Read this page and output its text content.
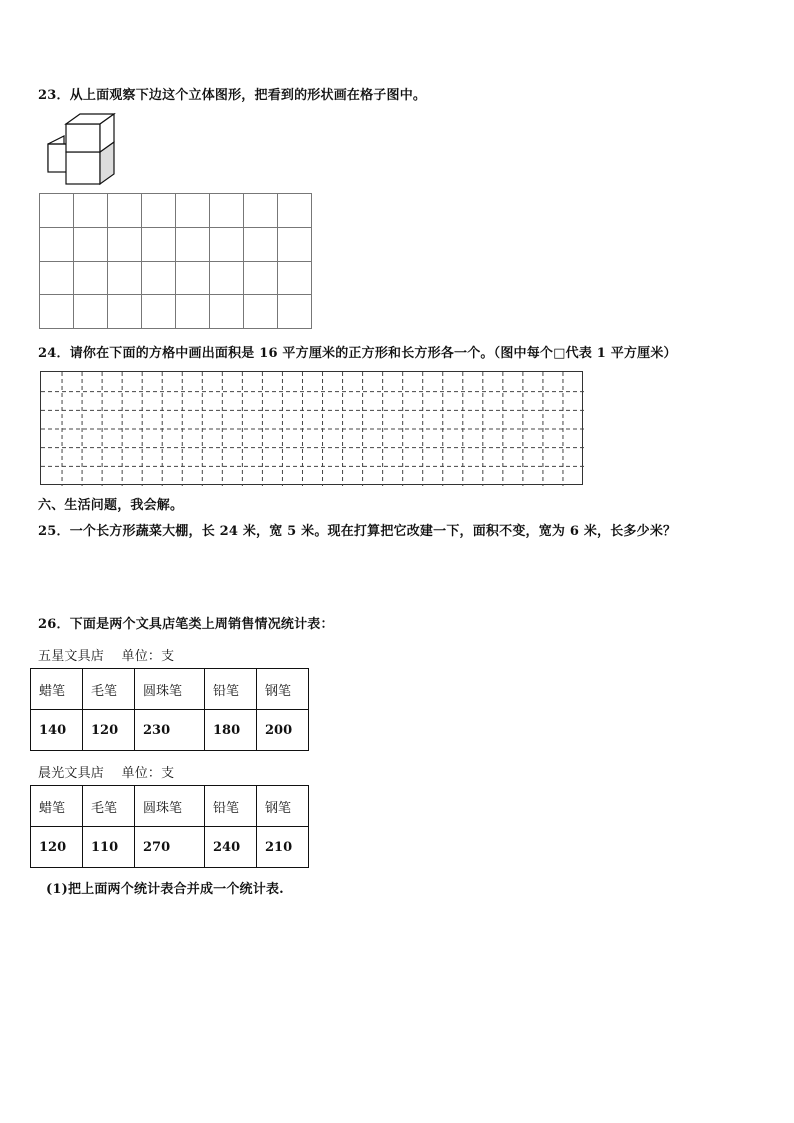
23．从上面观察下边这个立体图形，把看到的形状画在格子图中。

24．请你在下面的方格中画出面积是 16 平方厘米的正方形和长方形各一个。（图中每个□代表 1 平方厘米）
六、生活问题，我会解。
25．一个长方形蔬菜大棚，长 24 米，宽 5 米。现在打算把它改建一下，面积不变，宽为 6 米，长多少米？
26．下面是两个文具店笔类上周销售情况统计表：
五星文具店　 单位：支
蜡笔	毛笔	圆珠笔	铅笔	钢笔
140	120	230	180	200
晨光文具店　 单位：支
蜡笔	毛笔	圆珠笔	铅笔	钢笔
120	110	270	240	210
(1)把上面两个统计表合并成一个统计表.
